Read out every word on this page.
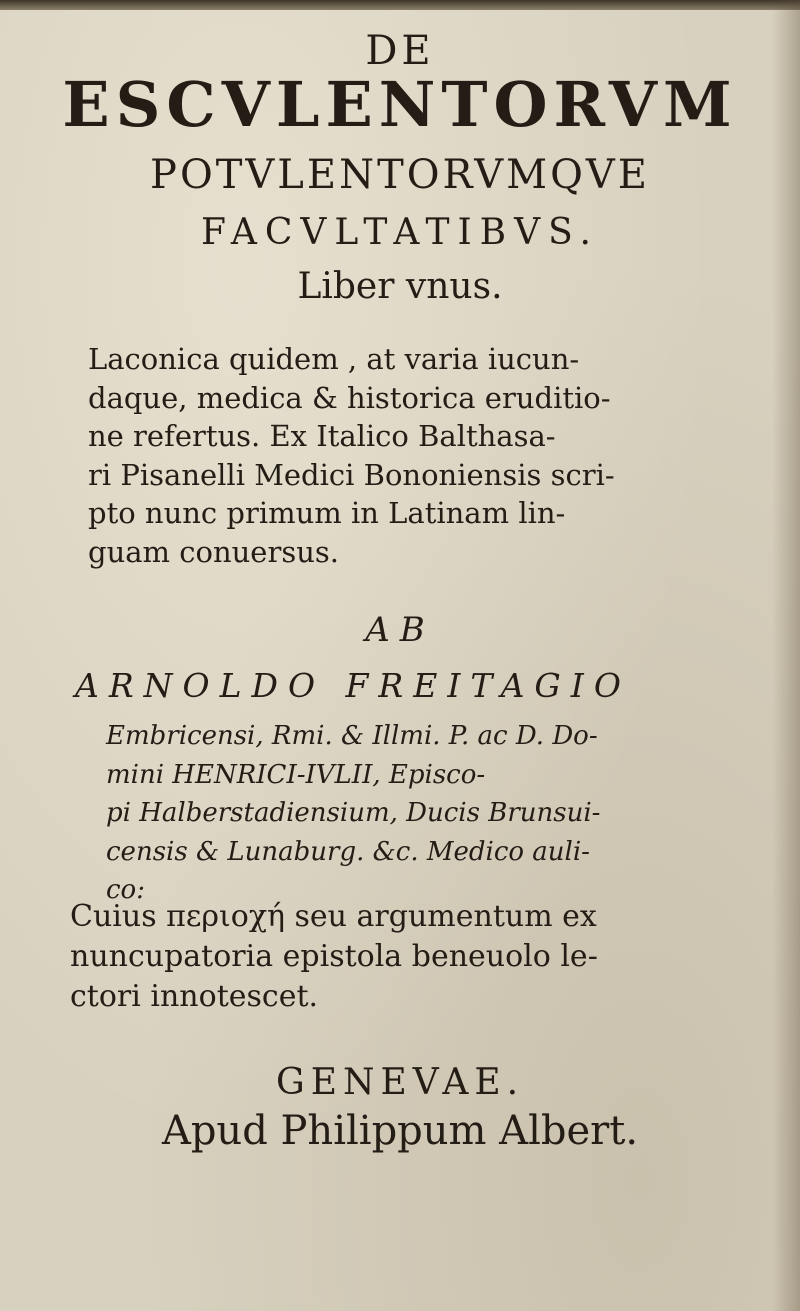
DE

ESCVLENTORVM

POTVLENTORVMQVE

FACVLTATIBVS.

Liber vnus.

Laconica quidem , at varia iucun-
daque, medica & historica eruditio-
ne refertus. Ex Italico Balthasa-
ri Pisanelli Medici Bononiensis scri-
pto nunc primum in Latinam lin-
guam conuersus.

AB

ARNOLDO FREITAGIO

Embricensi, Rmi. & Illmi. P. ac D. Do-
mini HENRICI-IVLII, Episco-
pi Halberstadiensium, Ducis Brunsui-
censis & Lunaburg. &c. Medico auli-
co:
Cuius περιοχή seu argumentum ex
nuncupatoria epistola beneuolo le-
ctori innotescet.

GENEVAE.

Apud Philippum Albert.
